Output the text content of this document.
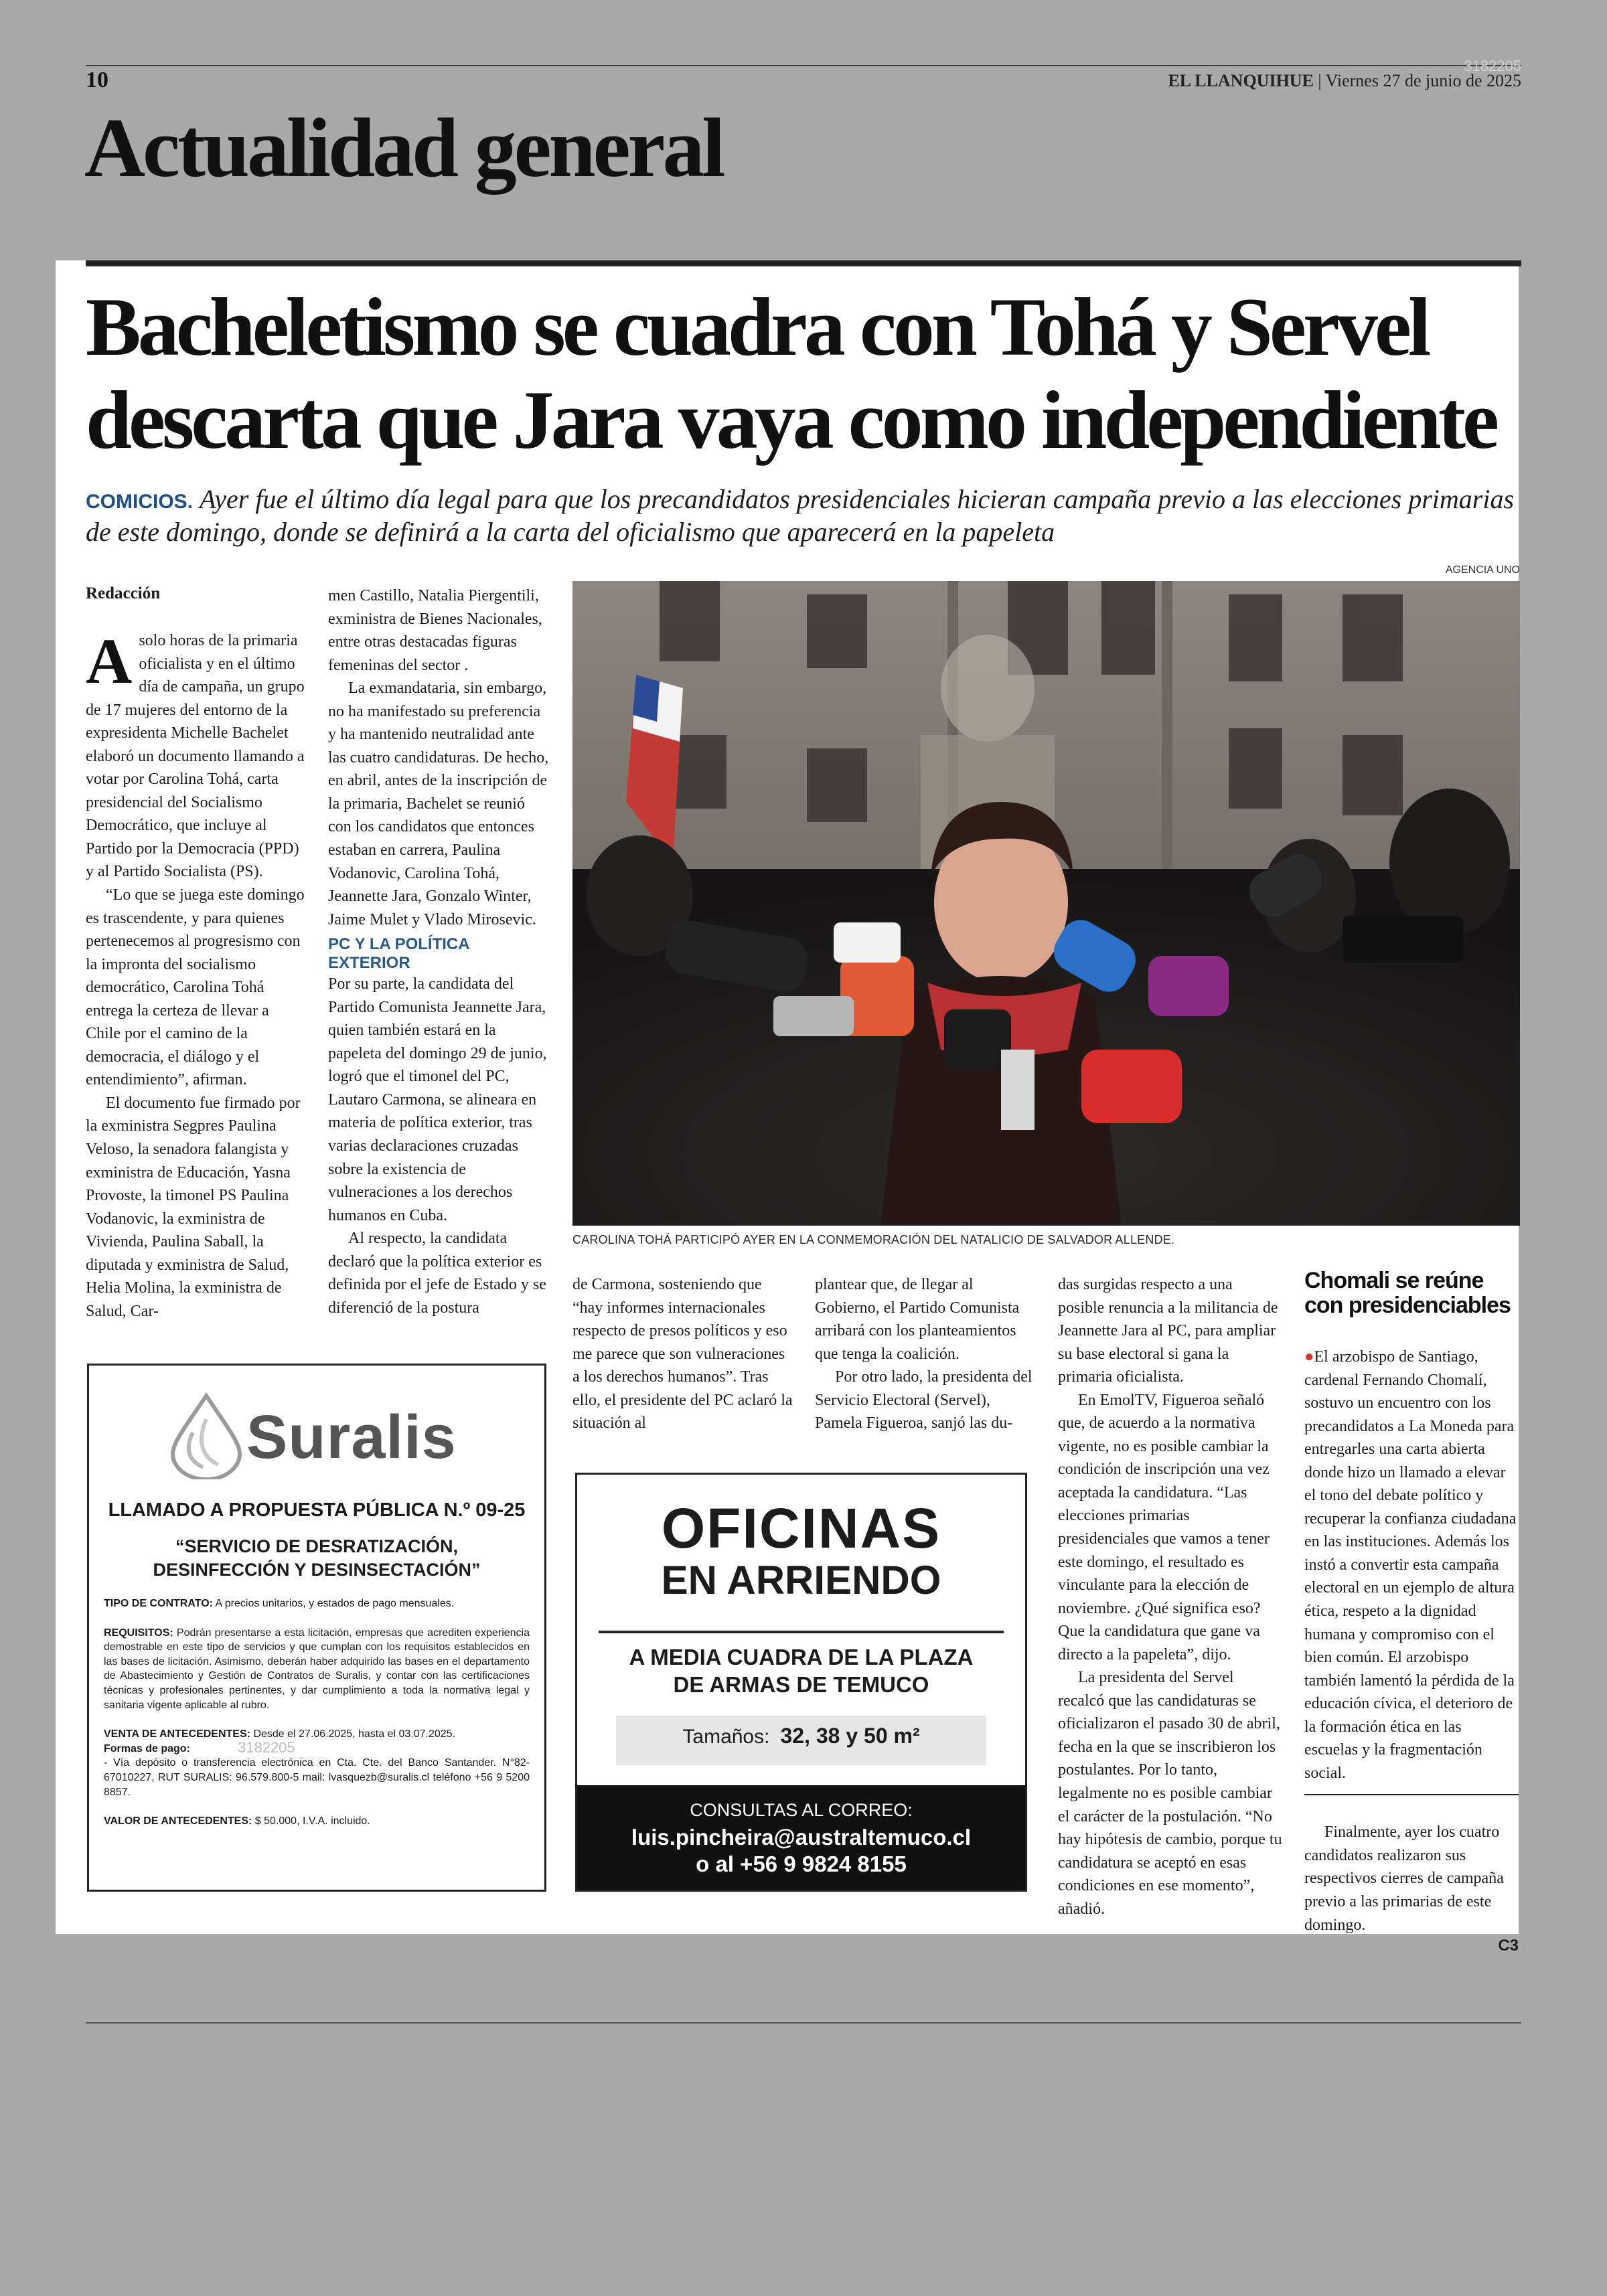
10
3182205
EL LLANQUIHUE | Viernes 27 de junio de 2025
Actualidad general
Bacheletismo se cuadra con Tohá y Servel
descarta que Jara vaya como independiente
COMICIOS. Ayer fue el último día legal para que los precandidatos presidenciales hicieran campaña previo a las elecciones primarias de este domingo, donde se definirá a la carta del oficialismo que aparecerá en la papeleta
AGENCIA UNO
Redacción

Asolo horas de la primaria oficialista y en el último día de campaña, un grupo de 17 mujeres del entorno de la expresidenta Michelle Bachelet elaboró un documento llamando a votar por Carolina Tohá, carta presidencial del Socialismo Democrático, que incluye al Partido por la Democracia (PPD) y al Partido Socialista (PS).

“Lo que se juega este domingo es trascendente, y para quienes pertenecemos al progresismo con la impronta del socialismo democrático, Carolina Tohá entrega la certeza de llevar a Chile por el camino de la democracia, el diálogo y el entendimiento”, afirman.

El documento fue firmado por la exministra Segpres Paulina Veloso, la senadora falangista y exministra de Educación, Yasna Provoste, la timonel PS Paulina Vodanovic, la exministra de Vivienda, Paulina Saball, la diputada y exministra de Salud, Helia Molina, la exministra de Salud, Car-

men Castillo, Natalia Piergentili, exministra de Bienes Nacionales, entre otras destacadas figuras femeninas del sector .

La exmandataria, sin embargo, no ha manifestado su preferencia y ha mantenido neutralidad ante las cuatro candidaturas. De hecho, en abril, antes de la inscripción de la primaria, Bachelet se reunió con los candidatos que entonces estaban en carrera, Paulina Vodanovic, Carolina Tohá, Jeannette Jara, Gonzalo Winter, Jaime Mulet y Vlado Mirosevic.

PC Y LA POLÍTICA EXTERIOR

Por su parte, la candidata del Partido Comunista Jeannette Jara, quien también estará en la papeleta del domingo 29 de junio, logró que el timonel del PC, Lautaro Carmona, se alineara en materia de política exterior, tras varias declaraciones cruzadas sobre la existencia de vulneraciones a los derechos humanos en Cuba.

Al respecto, la candidata declaró que la política exterior es definida por el jefe de Estado y se diferenció de la postura

CAROLINA TOHÁ PARTICIPÓ AYER EN LA CONMEMORACIÓN DEL NATALICIO DE SALVADOR ALLENDE.

de Carmona, sosteniendo que “hay informes internacionales respecto de presos políticos y eso me parece que son vulneraciones a los derechos humanos”. Tras ello, el presidente del PC aclaró la situación al

plantear que, de llegar al Gobierno, el Partido Comunista arribará con los planteamientos que tenga la coalición.

Por otro lado, la presidenta del Servicio Electoral (Servel), Pamela Figueroa, sanjó las du-

das surgidas respecto a una posible renuncia a la militancia de Jeannette Jara al PC, para ampliar su base electoral si gana la primaria oficialista.

En EmolTV, Figueroa señaló que, de acuerdo a la normativa vigente, no es posible cambiar la condición de inscripción una vez aceptada la candidatura. “Las elecciones primarias presidenciales que vamos a tener este domingo, el resultado es vinculante para la elección de noviembre. ¿Qué significa eso? Que la candidatura que gane va directo a la papeleta”, dijo.

La presidenta del Servel recalcó que las candidaturas se oficializaron el pasado 30 de abril, fecha en la que se inscribieron los postulantes. Por lo tanto, legalmente no es posible cambiar el carácter de la postulación. “No hay hipótesis de cambio, porque tu candidatura se aceptó en esas condiciones en ese momento”, añadió.

Chomali se reúne con presidenciables

●El arzobispo de Santiago, cardenal Fernando Chomalí, sostuvo un encuentro con los precandidatos a La Moneda para entregarles una carta abierta donde hizo un llamado a elevar el tono del debate político y recuperar la confianza ciudadana en las instituciones. Además los instó a convertir esta campaña electoral en un ejemplo de altura ética, respeto a la dignidad humana y compromiso con el bien común. El arzobispo también lamentó la pérdida de la educación cívica, el deterioro de la formación ética en las escuelas y la fragmentación social.

Finalmente, ayer los cuatro candidatos realizaron sus respectivos cierres de campaña previo a las primarias de este domingo.

C3
Suralis
LLAMADO A PROPUESTA PÚBLICA N.º 09-25
“SERVICIO DE DESRATIZACIÓN,
DESINFECCIÓN Y DESINSECTACIÓN”

TIPO DE CONTRATO: A precios unitarios, y estados de pago mensuales.

REQUISITOS: Podrán presentarse a esta licitación, empresas que acrediten experiencia demostrable en este tipo de servicios y que cumplan con los requisitos establecidos en las bases de licitación. Asimismo, deberán haber adquirido las bases en el departamento de Abastecimiento y Gestión de Contratos de Suralis, y contar con las certificaciones técnicas y profesionales pertinentes, y dar cumplimiento a toda la normativa legal y sanitaria vigente aplicable al rubro.

VENTA DE ANTECEDENTES: Desde el 27.06.2025, hasta el 03.07.2025.

Formas de pago:	3182205

- Vía depósito o transferencia electrónica en Cta. Cte. del Banco Santander. N°82-67010227, RUT SURALIS: 96.579.800-5 mail: lvasquezb@suralis.cl teléfono +56 9 5200 8857.

VALOR DE ANTECEDENTES: $ 50.000, I.V.A. incluido.

OFICINAS
EN ARRIENDO
A MEDIA CUADRA DE LA PLAZA
DE ARMAS DE TEMUCO
Tamaños: 32, 38 y 50 m²
CONSULTAS AL CORREO:
luis.pincheira@australtemuco.cl
o al +56 9 9824 8155
